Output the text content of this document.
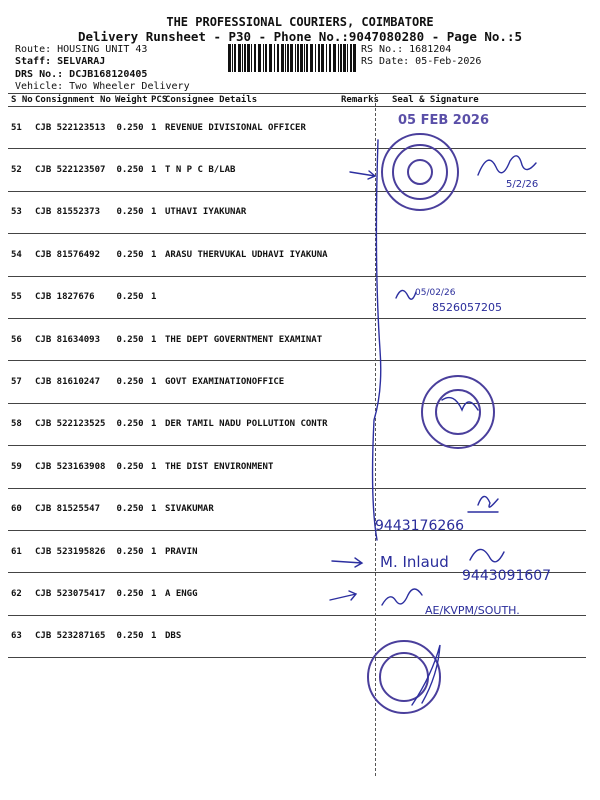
THE PROFESSIONAL COURIERS, COIMBATORE
Delivery Runsheet - P30 - Phone No.:9047080280 - Page No.:5
Route: HOUSING UNIT 43
Staff: SELVARAJ
DRS No.: DCJB168120405
Vehicle: Two Wheeler Delivery
RS No.: 1681204
RS Date: 05-Feb-2026
S No	Consignment No	Weight	PCS	Consignee Details	Remarks	Seal & Signature
51	CJB 522123513	0.250	1	REVENUE DIVISIONAL OFFICER		
52	CJB 522123507	0.250	1	T N P C B/LAB		
53	CJB 81552373	0.250	1	UTHAVI IYAKUNAR		
54	CJB 81576492	0.250	1	ARASU THERVUKAL UDHAVI IYAKUNA		
55	CJB 1827676	0.250	1			
56	CJB 81634093	0.250	1	THE DEPT GOVERNTMENT EXAMINAT		
57	CJB 81610247	0.250	1	GOVT EXAMINATIONOFFICE		
58	CJB 522123525	0.250	1	DER TAMIL NADU POLLUTION CONTR		
59	CJB 523163908	0.250	1	THE DIST ENVIRONMENT		
60	CJB 81525547	0.250	1	SIVAKUMAR		
61	CJB 523195826	0.250	1	PRAVIN		
62	CJB 523075417	0.250	1	A ENGG		
63	CJB 523287165	0.250	1	DBS		
05 FEB 2026
5/2/26
05/02/26
8526057205
9443176266
M. Inlaud
9443091607
AE/KVPM/SOUTH.
